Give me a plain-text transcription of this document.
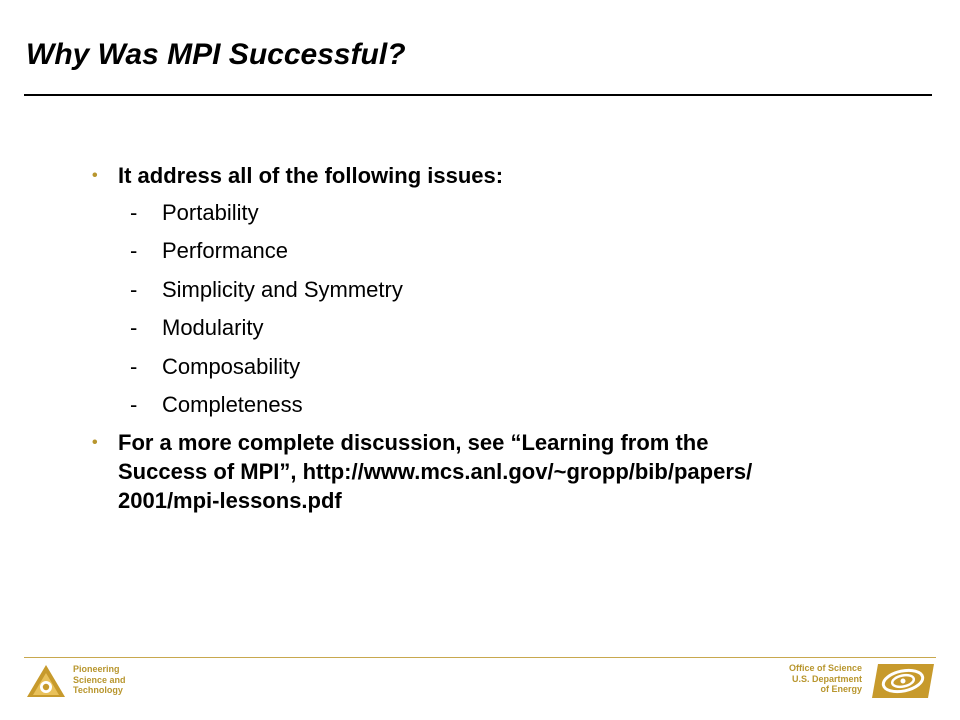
Why Was MPI Successful?
• It address all of the following issues:
- Portability
- Performance
- Simplicity and Symmetry
- Modularity
- Composability
- Completeness
• For a more complete discussion, see “Learning from the
Success of MPI”, http://www.mcs.anl.gov/~gropp/bib/papers/
2001/mpi-lessons.pdf
Pioneering
Science and
Technology
Office of Science
U.S. Department
of Energy
